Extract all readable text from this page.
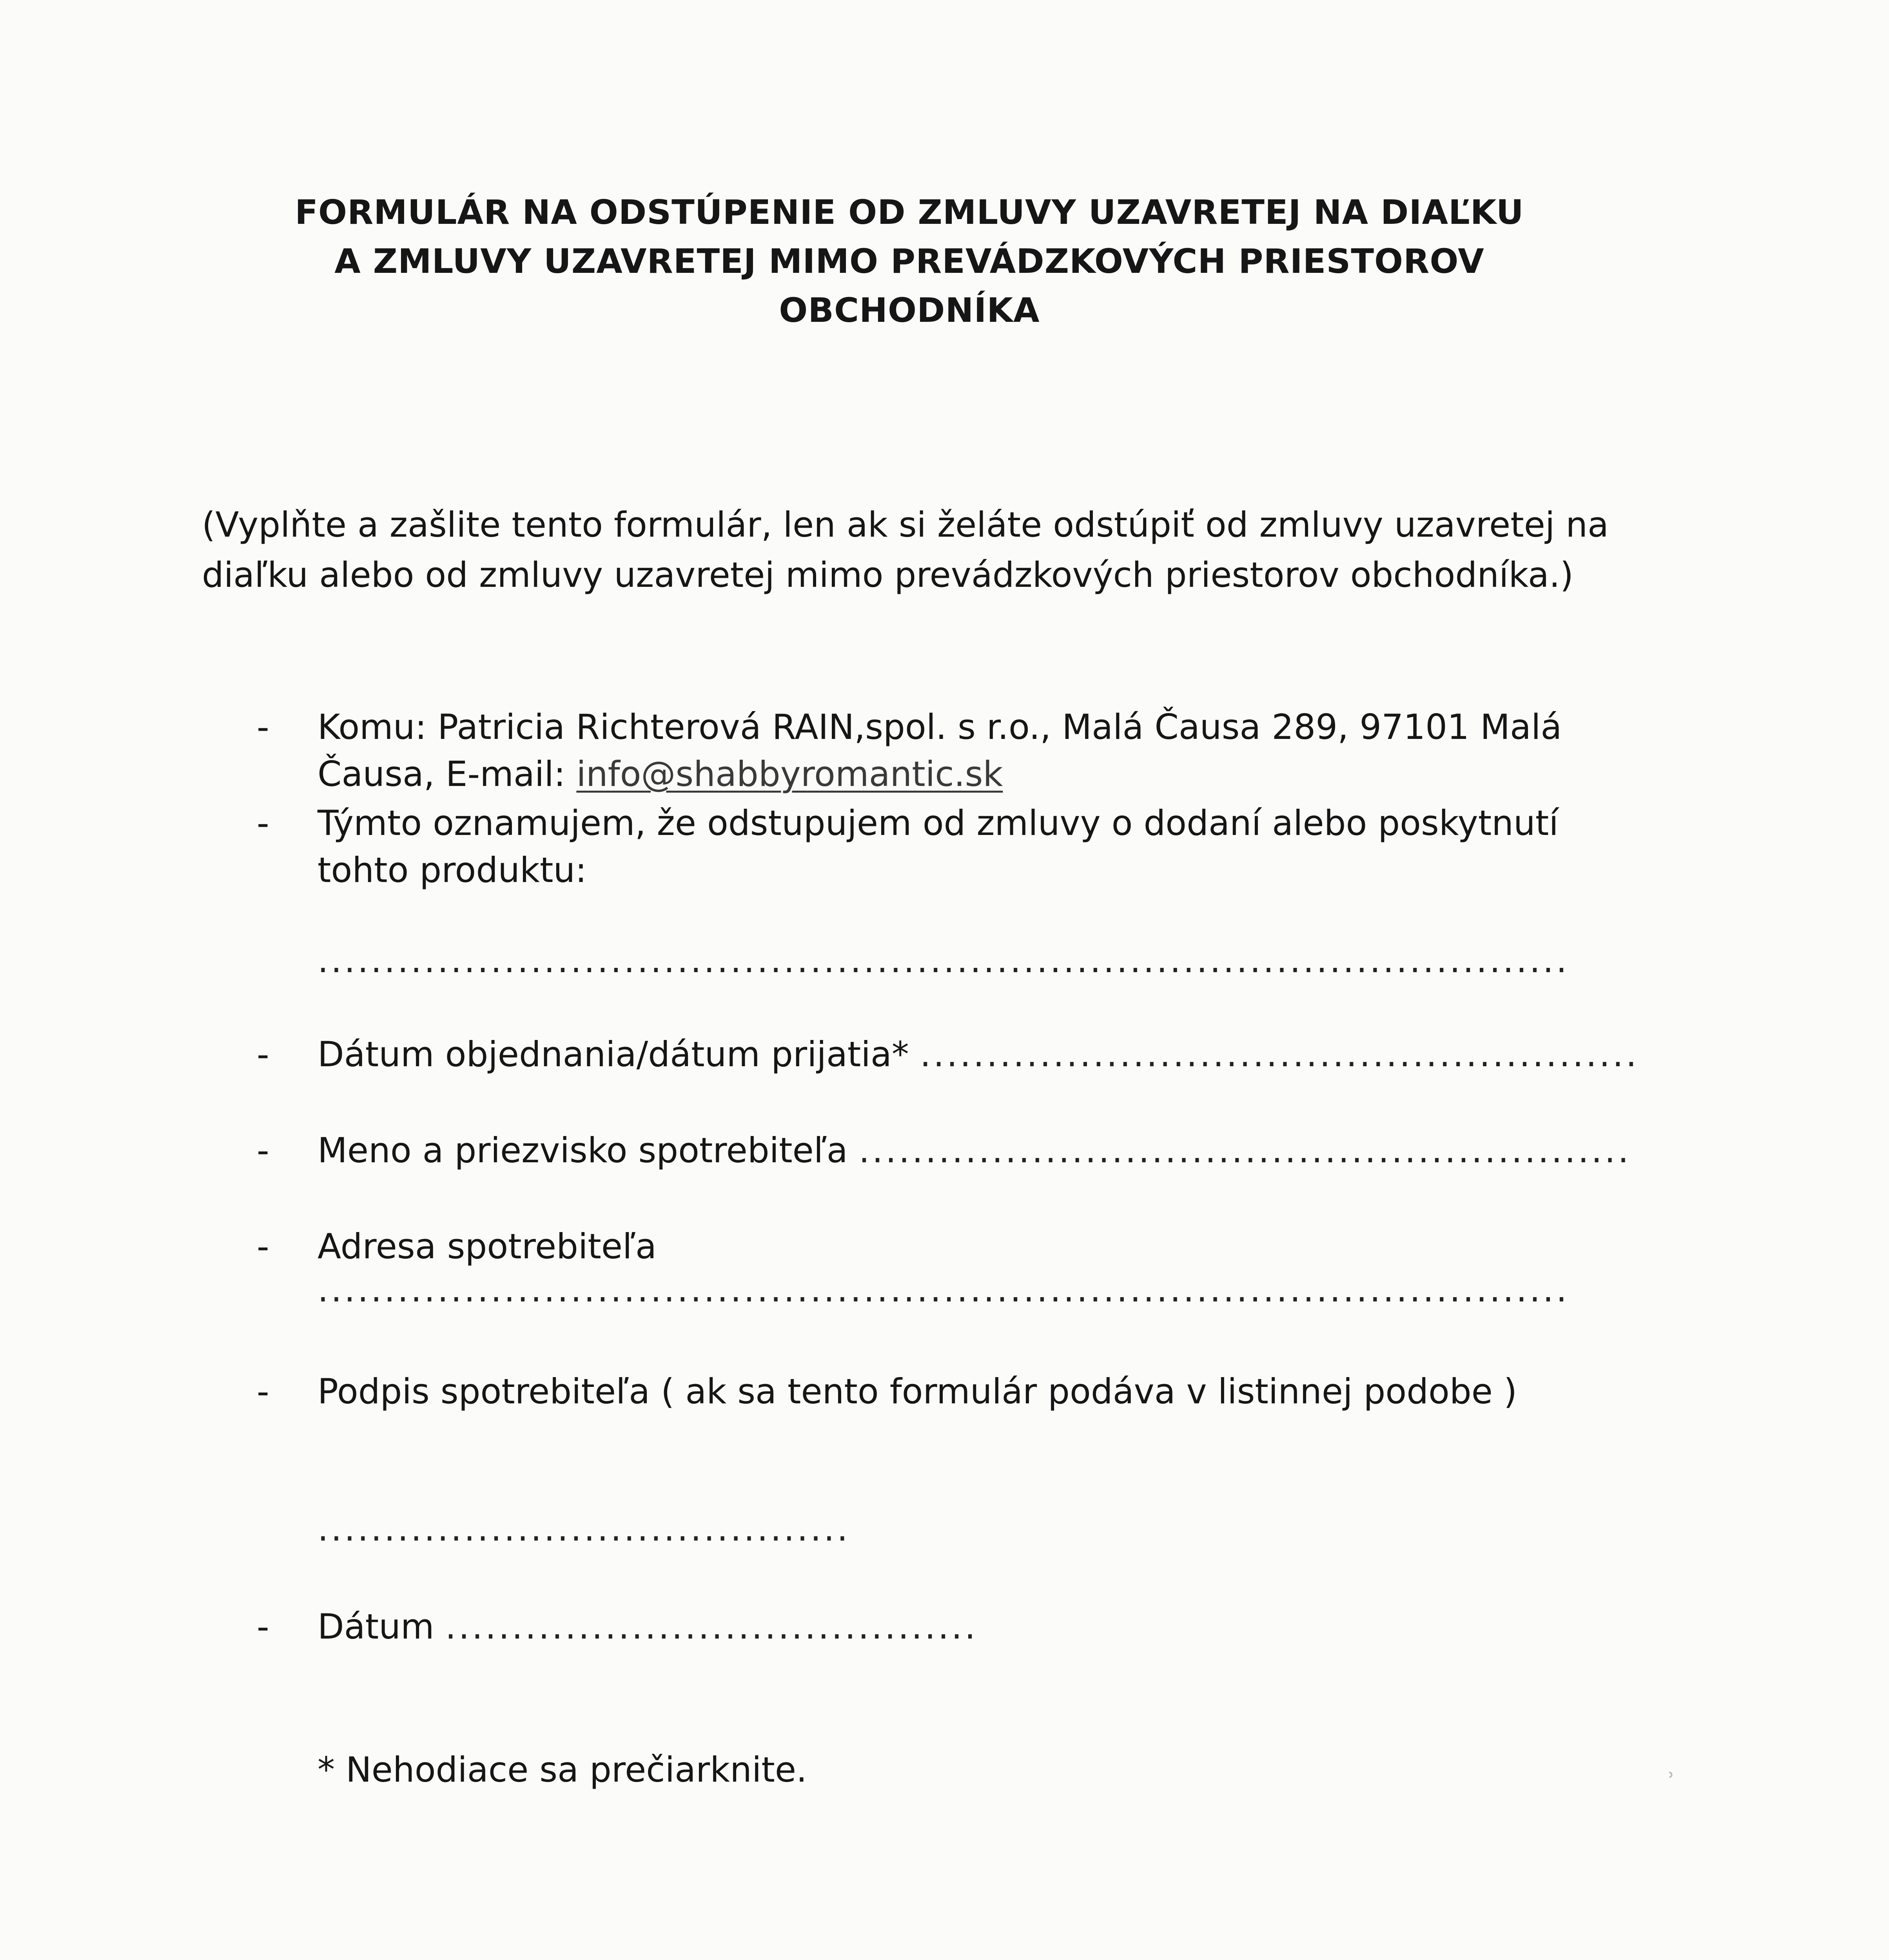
FORMULÁR NA ODSTÚPENIE OD ZMLUVY UZAVRETEJ NA DIAĽKU
A ZMLUVY UZAVRETEJ MIMO PREVÁDZKOVÝCH PRIESTOROV
OBCHODNÍKA
(Vyplňte a zašlite tento formulár, len ak si želáte odstúpiť od zmluvy uzavretej na
diaľku alebo od zmluvy uzavretej mimo prevádzkových priestorov obchodníka.)
- Komu: Patricia Richterová RAIN,spol. s r.o., Malá Čausa 289, 97101 Malá
Čausa, E-mail: info@shabbyromantic.sk
- Týmto oznamujem, že odstupujem od zmluvy o dodaní alebo poskytnutí
tohto produktu:
..............................................................................................
- Dátum objednania/dátum prijatia* ......................................................
- Meno a priezvisko spotrebiteľa ..........................................................
- Adresa spotrebiteľa
..............................................................................................
- Podpis spotrebiteľa ( ak sa tento formulár podáva v listinnej podobe )
........................................
- Dátum ........................................
* Nehodiace sa prečiarknite.	ʾ
